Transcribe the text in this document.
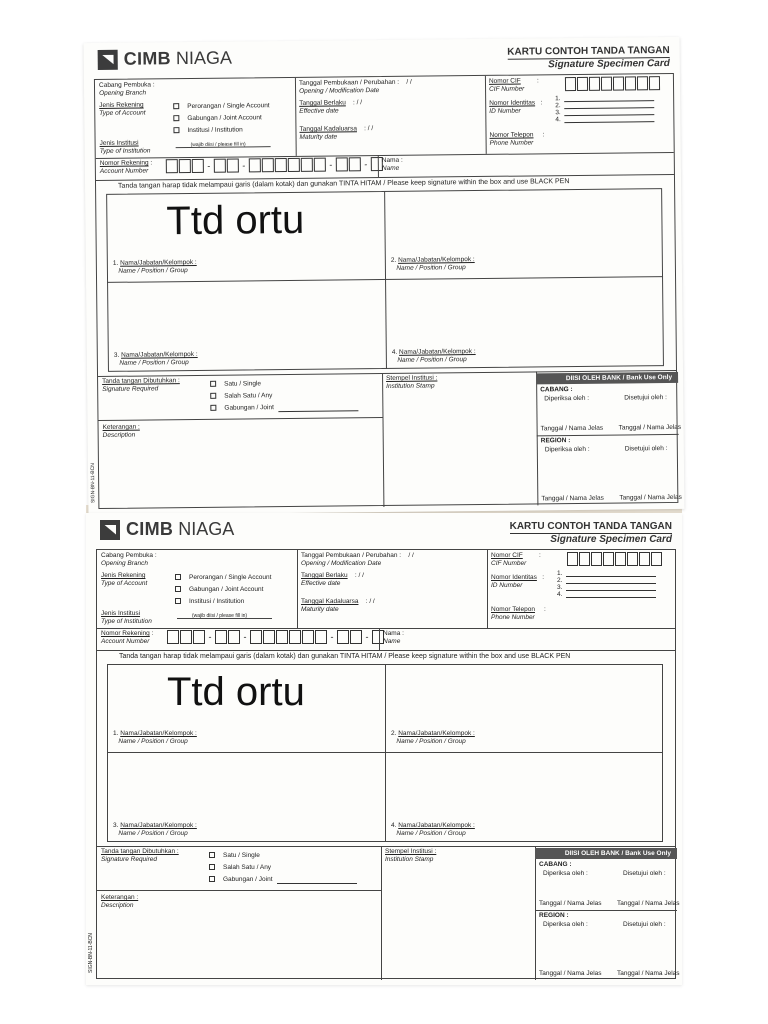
CIMB NIAGA	KARTU CONTOH TANDA TANGAN
Signature Specimen Card
Cabang Pembuka :
Opening Branch
Jenis Rekening
Type of Account
Perorangan / Single Account
Gabungan / Joint Account
Institusi / Institution
Jenis Institusi
Type of Institution
(wajib diisi / please fill in)
Tanggal Pembukaan / Perubahan : / /
Opening / Modification Date
Tanggal Berlaku : / /
Effective date
Tanggal Kadaluarsa : / /
Maturity date
Nomor CIF         :
CIF Number
Nomor Identitas   :
ID Number
1.
2.
3.
4.
Nomor Telepon     :
Phone Number
Nomor Rekening :
Account Number
-	-	-	-	Nama :
Name
Tanda tangan harap tidak melampaui garis (dalam kotak) dan gunakan TINTA HITAM / Please keep signature within the box and use BLACK PEN
Ttd ortu
1. Nama/Jabatan/Kelompok :
Name / Position / Group
2. Nama/Jabatan/Kelompok :
Name / Position / Group
3. Nama/Jabatan/Kelompok :
Name / Position / Group
4. Nama/Jabatan/Kelompok :
Name / Position / Group
Tanda tangan Dibutuhkan :
Signature Required
Satu / Single
Salah Satu / Any
Gabungan / Joint
Stempel Institusi :
Institution Stamp
Keterangan :
Description
DIISI OLEH BANK / Bank Use Only
CABANG :
Diperiksa oleh :	Disetujui oleh :
Tanggal / Nama Jelas Tanggal / Nama Jelas
REGION :
Diperiksa oleh :	Disetujui oleh :
Tanggal / Nama Jelas Tanggal / Nama Jelas
SIGN-BN-11-BCN
CIMB NIAGA	KARTU CONTOH TANDA TANGAN
Signature Specimen Card
Cabang Pembuka :
Opening Branch
Jenis Rekening
Type of Account
Perorangan / Single Account
Gabungan / Joint Account
Institusi / Institution
Jenis Institusi
Type of Institution
(wajib diisi / please fill in)
Tanggal Pembukaan / Perubahan : / /
Opening / Modification Date
Tanggal Berlaku : / /
Effective date
Tanggal Kadaluarsa : / /
Maturity date
Nomor CIF         :
CIF Number
Nomor Identitas   :
ID Number
1.
2.
3.
4.
Nomor Telepon     :
Phone Number
Nomor Rekening :
Account Number	-	-	-	-	Nama :
Name
Tanda tangan harap tidak melampaui garis (dalam kotak) dan gunakan TINTA HITAM / Please keep signature within the box and use BLACK PEN
Ttd ortu
1. Nama/Jabatan/Kelompok :
Name / Position / Group
2. Nama/Jabatan/Kelompok :
Name / Position / Group
3. Nama/Jabatan/Kelompok :
Name / Position / Group
4. Nama/Jabatan/Kelompok :
Name / Position / Group
Tanda tangan Dibutuhkan :
Signature Required
Satu / Single
Salah Satu / Any
Gabungan / Joint
Stempel Institusi :
Institution Stamp
Keterangan :
Description
DIISI OLEH BANK / Bank Use Only
CABANG :
Diperiksa oleh :	Disetujui oleh :
Tanggal / Nama Jelas Tanggal / Nama Jelas
REGION :
Diperiksa oleh :	Disetujui oleh :
Tanggal / Nama Jelas Tanggal / Nama Jelas
SIGN-BN-11-BCN
